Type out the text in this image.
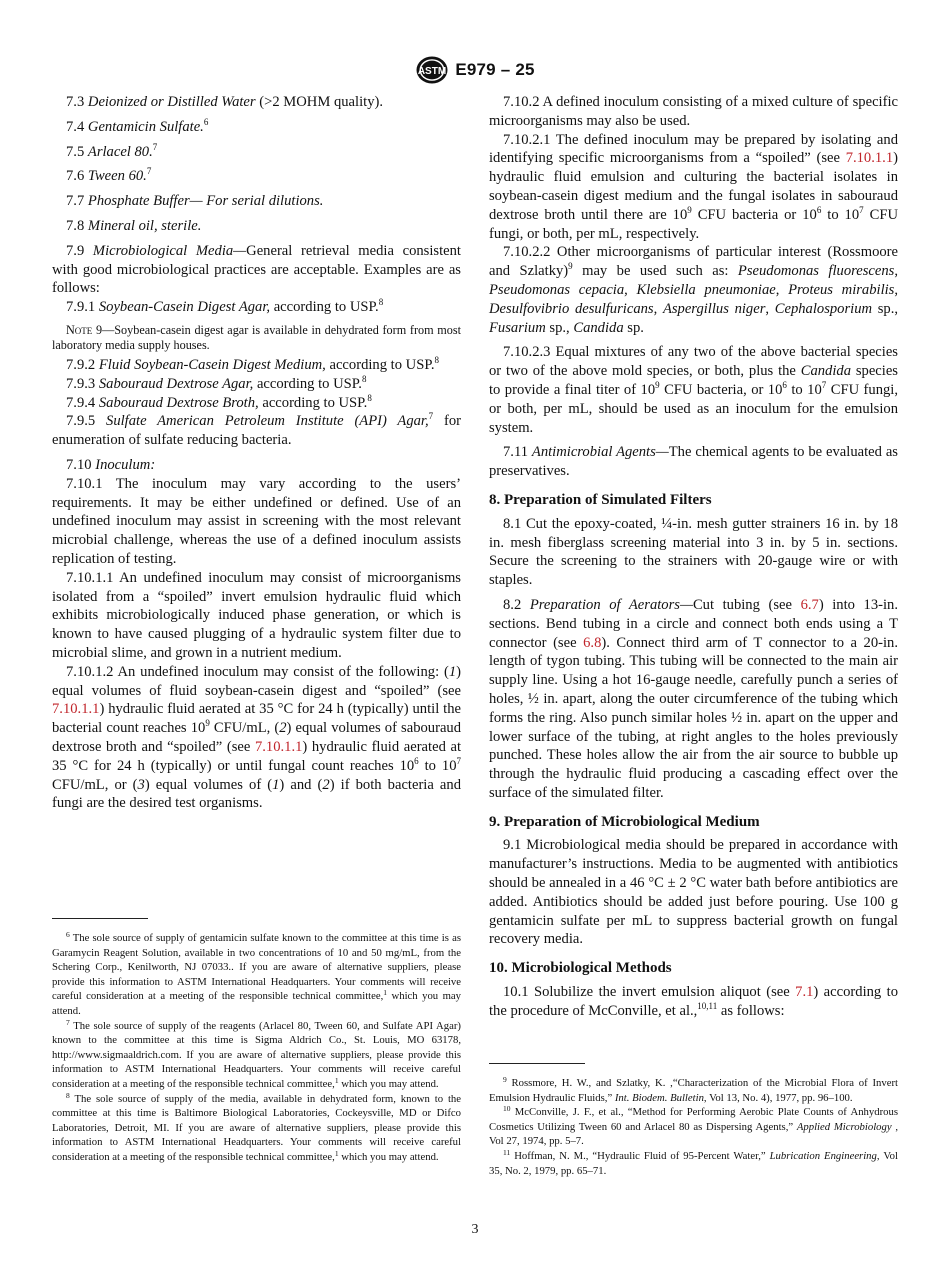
ASTM E979 – 25

7.3 Deionized or Distilled Water (>2 MOHM quality).

7.4 Gentamicin Sulfate.$^6$

7.5 Arlacel 80.$^7$

7.6 Tween 60.$^7$

7.7 Phosphate Buffer— For serial dilutions.

7.8 Mineral oil, sterile.

7.9 Microbiological Media—General retrieval media consistent with good microbiological practices are acceptable. Examples are as follows:

7.9.1 Soybean-Casein Digest Agar, according to USP.$^8$

Note 9—Soybean-casein digest agar is available in dehydrated form from most laboratory media supply houses.

7.9.2 Fluid Soybean-Casein Digest Medium, according to USP.$^8$

7.9.3 Sabouraud Dextrose Agar, according to USP.$^8$

7.9.4 Sabouraud Dextrose Broth, according to USP.$^8$

7.9.5 Sulfate American Petroleum Institute (API) Agar,$^7$ for enumeration of sulfate reducing bacteria.

7.10 Inoculum:

7.10.1 The inoculum may vary according to the users’ requirements. It may be either undefined or defined. Use of an undefined inoculum may assist in screening with the most relevant microbial challenge, whereas the use of a defined inoculum assists replication of testing.

7.10.1.1 An undefined inoculum may consist of microorganisms isolated from a “spoiled” invert emulsion hydraulic fluid which exhibits microbiologically induced phase generation, or which is known to have caused plugging of a hydraulic system filter due to microbial slime, and grown in a nutrient medium.

7.10.1.2 An undefined inoculum may consist of the following: (1) equal volumes of fluid soybean-casein digest and “spoiled” (see 7.10.1.1) hydraulic fluid aerated at 35 °C for 24 h (typically) until the bacterial count reaches $10^9$ CFU/mL, (2) equal volumes of sabouraud dextrose broth and “spoiled” (see 7.10.1.1) hydraulic fluid aerated at 35 °C for 24 h (typically) or until fungal count reaches $10^6$ to $10^7$ CFU/mL, or (3) equal volumes of (1) and (2) if both bacteria and fungi are the desired test organisms.

7.10.2 A defined inoculum consisting of a mixed culture of specific microorganisms may also be used.

7.10.2.1 The defined inoculum may be prepared by isolating and identifying specific microorganisms from a “spoiled” (see 7.10.1.1) hydraulic fluid emulsion and culturing the bacterial isolates in soybean-casein digest medium and the fungal isolates in sabouraud dextrose broth until there are $10^9$ CFU bacteria or $10^6$ to $10^7$ CFU fungi, or both, per mL, respectively.

7.10.2.2 Other microorganisms of particular interest (Rossmoore and Szlatky)$^9$ may be used such as: Pseudomonas fluorescens, Pseudomonas cepacia, Klebsiella pneumoniae, Proteus mirabilis, Desulfovibrio desulfuricans, Aspergillus niger, Cephalosporium sp., Fusarium sp., Candida sp.

7.10.2.3 Equal mixtures of any two of the above bacterial species or two of the above mold species, or both, plus the Candida species to provide a final titer of $10^9$ CFU bacteria, or $10^6$ to $10^7$ CFU fungi, or both, per mL, should be used as an inoculum for the emulsion system.

7.11 Antimicrobial Agents—The chemical agents to be evaluated as preservatives.

8. Preparation of Simulated Filters

8.1 Cut the epoxy-coated, ¼-in. mesh gutter strainers 16 in. by 18 in. mesh fiberglass screening material into 3 in. by 5 in. sections. Secure the screening to the strainers with 20-gauge wire or with staples.

8.2 Preparation of Aerators—Cut tubing (see 6.7) into 13-in. sections. Bend tubing in a circle and connect both ends using a T connector (see 6.8). Connect third arm of T connector to a 20-in. length of tygon tubing. This tubing will be connected to the main air supply line. Using a hot 16-gauge needle, carefully punch a series of holes, ½ in. apart, along the outer circumference of the tubing which forms the ring. Also punch similar holes ½ in. apart on the upper and lower surface of the tubing, at right angles to the holes previously punched. These holes allow the air from the air source to bubble up through the hydraulic fluid producing a cascading effect over the surface of the simulated filter.

9. Preparation of Microbiological Medium

9.1 Microbiological media should be prepared in accordance with manufacturer’s instructions. Media to be augmented with antibiotics should be annealed in a 46 °C ± 2 °C water bath before antibiotics are added. Antibiotics should be added just before pouring. Use 100 g gentamicin sulfate per mL to suppress bacterial growth on fungal recovery media.

10. Microbiological Methods

10.1 Solubilize the invert emulsion aliquot (see 7.1) according to the procedure of McConville, et al.,$^{10,11}$ as follows:

$^6$ The sole source of supply of gentamicin sulfate known to the committee at this time is as Garamycin Reagent Solution, available in two concentrations of 10 and 50 mg/mL, from the Schering Corp., Kenilworth, NJ 07033.. If you are aware of alternative suppliers, please provide this information to ASTM International Headquarters. Your comments will receive careful consideration at a meeting of the responsible technical committee,$^1$ which you may attend.

$^7$ The sole source of supply of the reagents (Arlacel 80, Tween 60, and Sulfate API Agar) known to the committee at this time is Sigma Aldrich Co., St. Louis, MO 63178, http://www.sigmaaldrich.com. If you are aware of alternative suppliers, please provide this information to ASTM International Headquarters. Your comments will receive careful consideration at a meeting of the responsible technical committee,$^1$ which you may attend.

$^8$ The sole source of supply of the media, available in dehydrated form, known to the committee at this time is Baltimore Biological Laboratories, Cockeysville, MD or Difco Laboratories, Detroit, MI. If you are aware of alternative suppliers, please provide this information to ASTM International Headquarters. Your comments will receive careful consideration at a meeting of the responsible technical committee,$^1$ which you may attend.

$^9$ Rossmore, H. W., and Szlatky, K. ,“Characterization of the Microbial Flora of Invert Emulsion Hydraulic Fluids,” Int. Biodem. Bulletin, Vol 13, No. 4), 1977, pp. 96–100.

$^{10}$ McConville, J. F., et al., “Method for Performing Aerobic Plate Counts of Anhydrous Cosmetics Utilizing Tween 60 and Arlacel 80 as Dispersing Agents,” Applied Microbiology , Vol 27, 1974, pp. 5–7.

$^{11}$ Hoffman, N. M., “Hydraulic Fluid of 95-Percent Water,” Lubrication Engineering, Vol 35, No. 2, 1979, pp. 65–71.

3
